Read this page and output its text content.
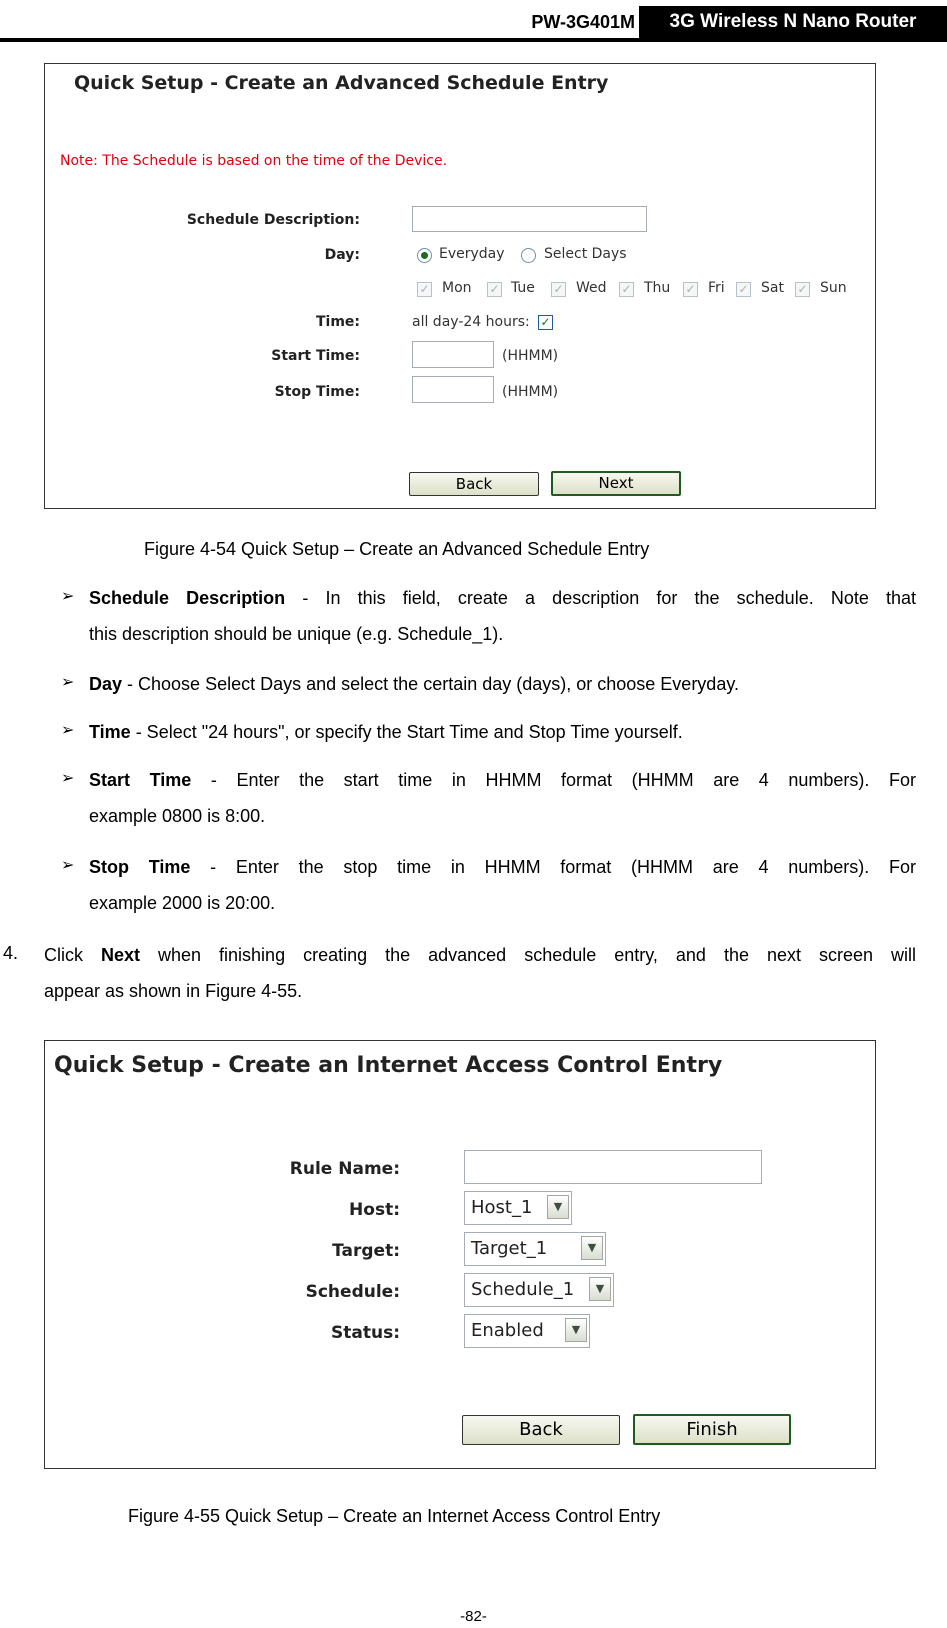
PW-3G401M	3G Wireless N Nano Router
Quick Setup - Create an Advanced Schedule Entry
Note: The Schedule is based on the time of the Device.
Schedule Description:
Day:	Everyday	Select Days
✓ Mon ✓ Tue ✓ Wed ✓ Thu ✓ Fri ✓ Sat ✓ Sun
Time:	all day-24 hours: ✓
Start Time:	(HHMM)
Stop Time:	(HHMM)
Back	Next
Figure 4-54 Quick Setup – Create an Advanced Schedule Entry
➢ Schedule Description - In this field, create a description for the schedule. Note that
this description should be unique (e.g. Schedule_1).
➢ Day - Choose Select Days and select the certain day (days), or choose Everyday.
➢ Time - Select "24 hours", or specify the Start Time and Stop Time yourself.
➢ Start Time - Enter the start time in HHMM format (HHMM are 4 numbers). For
example 0800 is 8:00.
➢ Stop Time - Enter the stop time in HHMM format (HHMM are 4 numbers). For
example 2000 is 20:00.
4. Click Next when finishing creating the advanced schedule entry, and the next screen will
appear as shown in Figure 4-55.
Quick Setup - Create an Internet Access Control Entry
Rule Name:
Host:	Host_1	▼
Target:	Target_1	▼
Schedule:	Schedule_1	▼
Status:	Enabled	▼
Back	Finish
Figure 4-55 Quick Setup – Create an Internet Access Control Entry
-82-
